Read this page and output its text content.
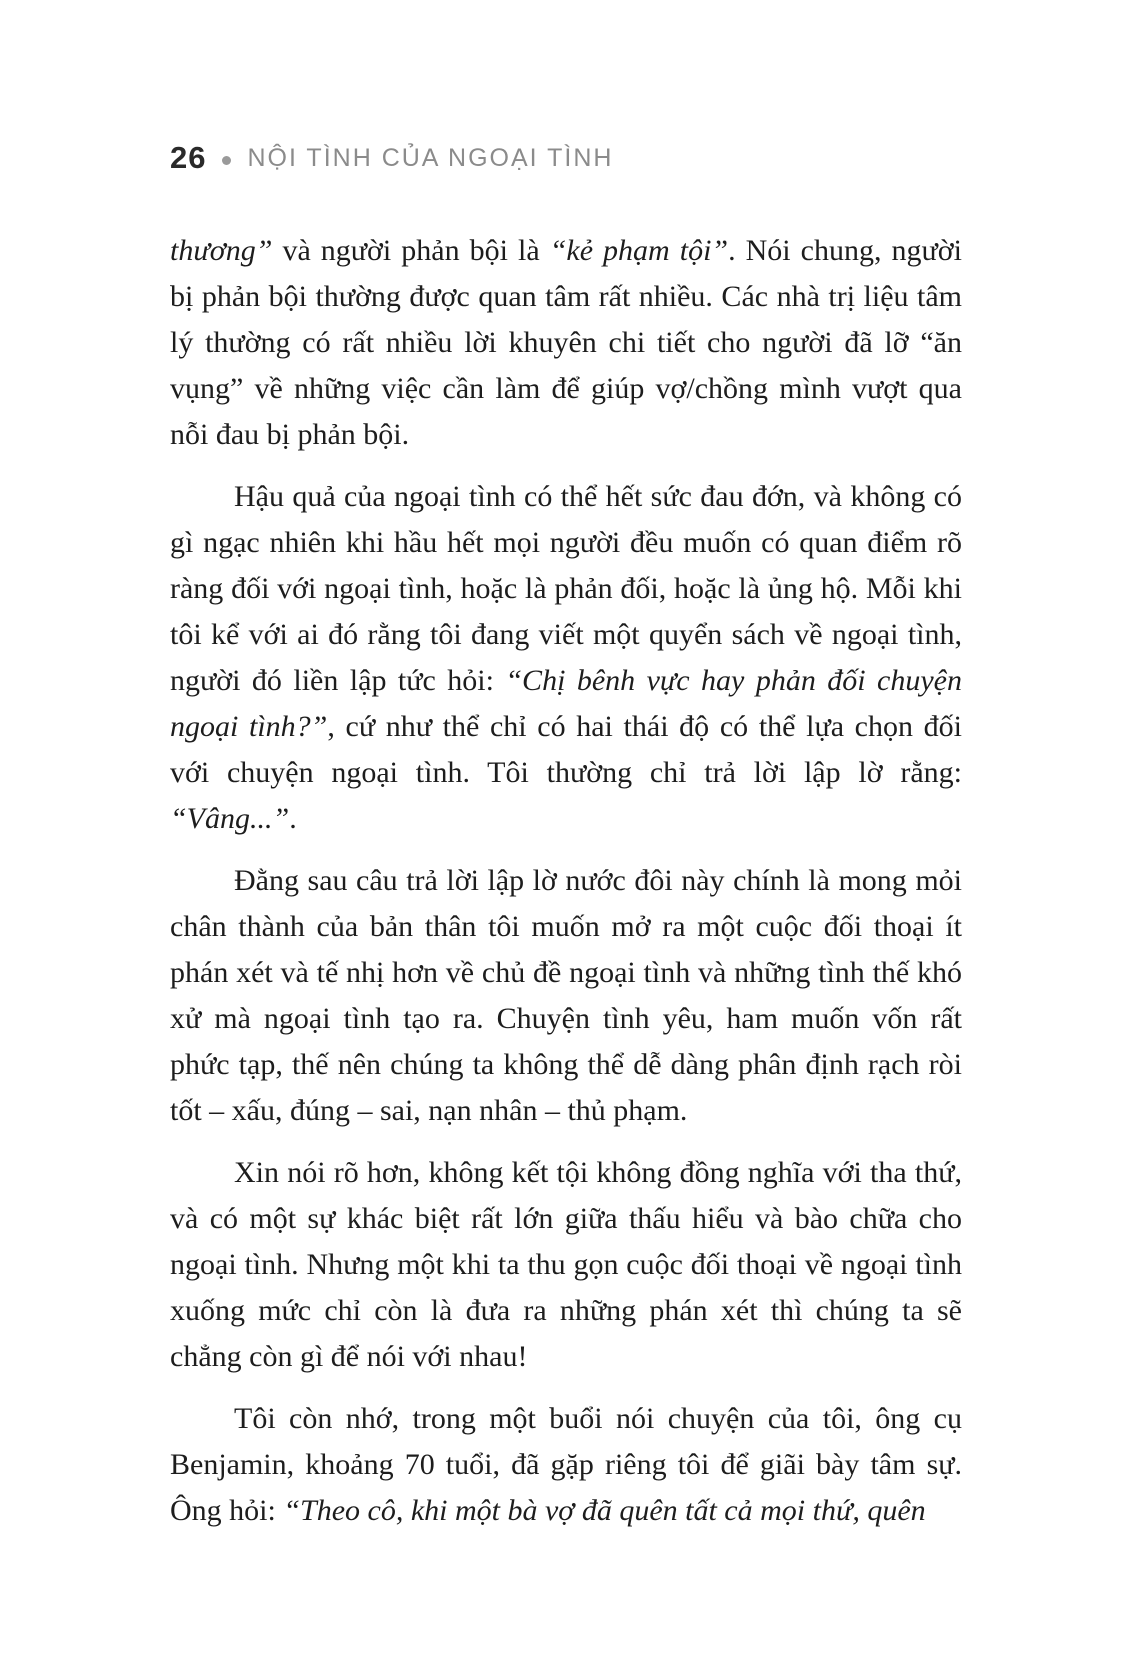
26 NỘI TÌNH CỦA NGOẠI TÌNH

thương” và người phản bội là “kẻ phạm tội”. Nói chung, người bị phản bội thường được quan tâm rất nhiều. Các nhà trị liệu tâm lý thường có rất nhiều lời khuyên chi tiết cho người đã lỡ “ăn vụng” về những việc cần làm để giúp vợ/chồng mình vượt qua nỗi đau bị phản bội.

Hậu quả của ngoại tình có thể hết sức đau đớn, và không có gì ngạc nhiên khi hầu hết mọi người đều muốn có quan điểm rõ ràng đối với ngoại tình, hoặc là phản đối, hoặc là ủng hộ. Mỗi khi tôi kể với ai đó rằng tôi đang viết một quyển sách về ngoại tình, người đó liền lập tức hỏi: “Chị bênh vực hay phản đối chuyện ngoại tình?”, cứ như thể chỉ có hai thái độ có thể lựa chọn đối với chuyện ngoại tình. Tôi thường chỉ trả lời lập lờ rằng: “Vâng...”.

Đằng sau câu trả lời lập lờ nước đôi này chính là mong mỏi chân thành của bản thân tôi muốn mở ra một cuộc đối thoại ít phán xét và tế nhị hơn về chủ đề ngoại tình và những tình thế khó xử mà ngoại tình tạo ra. Chuyện tình yêu, ham muốn vốn rất phức tạp, thế nên chúng ta không thể dễ dàng phân định rạch ròi tốt – xấu, đúng – sai, nạn nhân – thủ phạm.

Xin nói rõ hơn, không kết tội không đồng nghĩa với tha thứ, và có một sự khác biệt rất lớn giữa thấu hiểu và bào chữa cho ngoại tình. Nhưng một khi ta thu gọn cuộc đối thoại về ngoại tình xuống mức chỉ còn là đưa ra những phán xét thì chúng ta sẽ chẳng còn gì để nói với nhau!

Tôi còn nhớ, trong một buổi nói chuyện của tôi, ông cụ Benjamin, khoảng 70 tuổi, đã gặp riêng tôi để giãi bày tâm sự. Ông hỏi: “Theo cô, khi một bà vợ đã quên tất cả mọi thứ, quên
